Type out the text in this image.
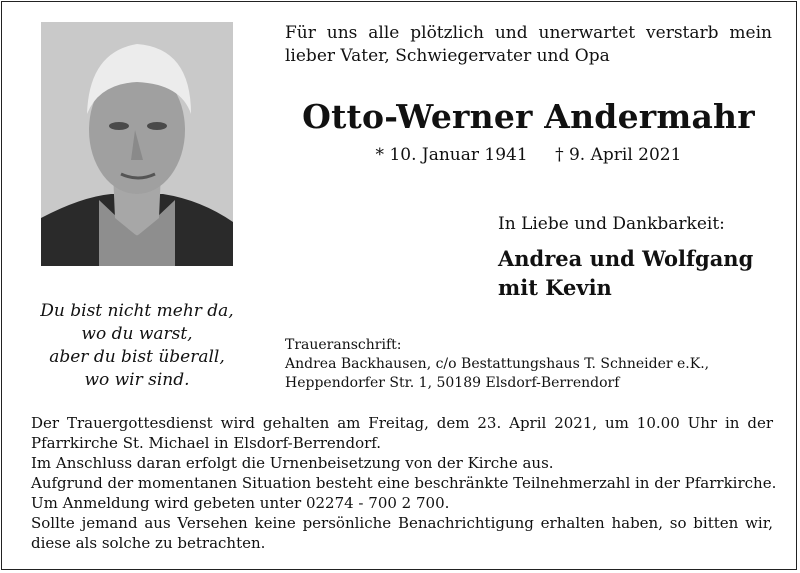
Du bist nicht mehr da,
wo du warst,
aber du bist überall,
wo wir sind.
Für uns alle plötzlich und unerwartet verstarb mein
lieber Vater, Schwiegervater und Opa
Otto-Werner Andermahr
* 10. Januar 1941 † 9. April 2021
In Liebe und Dankbarkeit:
Andrea und Wolfgang
mit Kevin
Traueranschrift:
Andrea Backhausen, c/o Bestattungshaus T. Schneider e.K.,
Heppendorfer Str. 1, 50189 Elsdorf-Berrendorf
Der Trauergottesdienst wird gehalten am Freitag, dem 23. April 2021, um 10.00 Uhr in der
Pfarrkirche St. Michael in Elsdorf-Berrendorf.
Im Anschluss daran erfolgt die Urnenbeisetzung von der Kirche aus.
Aufgrund der momentanen Situation besteht eine beschränkte Teilnehmerzahl in der Pfarrkirche.
Um Anmeldung wird gebeten unter 02274 - 700 2 700.
Sollte jemand aus Versehen keine persönliche Benachrichtigung erhalten haben, so bitten wir,
diese als solche zu betrachten.
